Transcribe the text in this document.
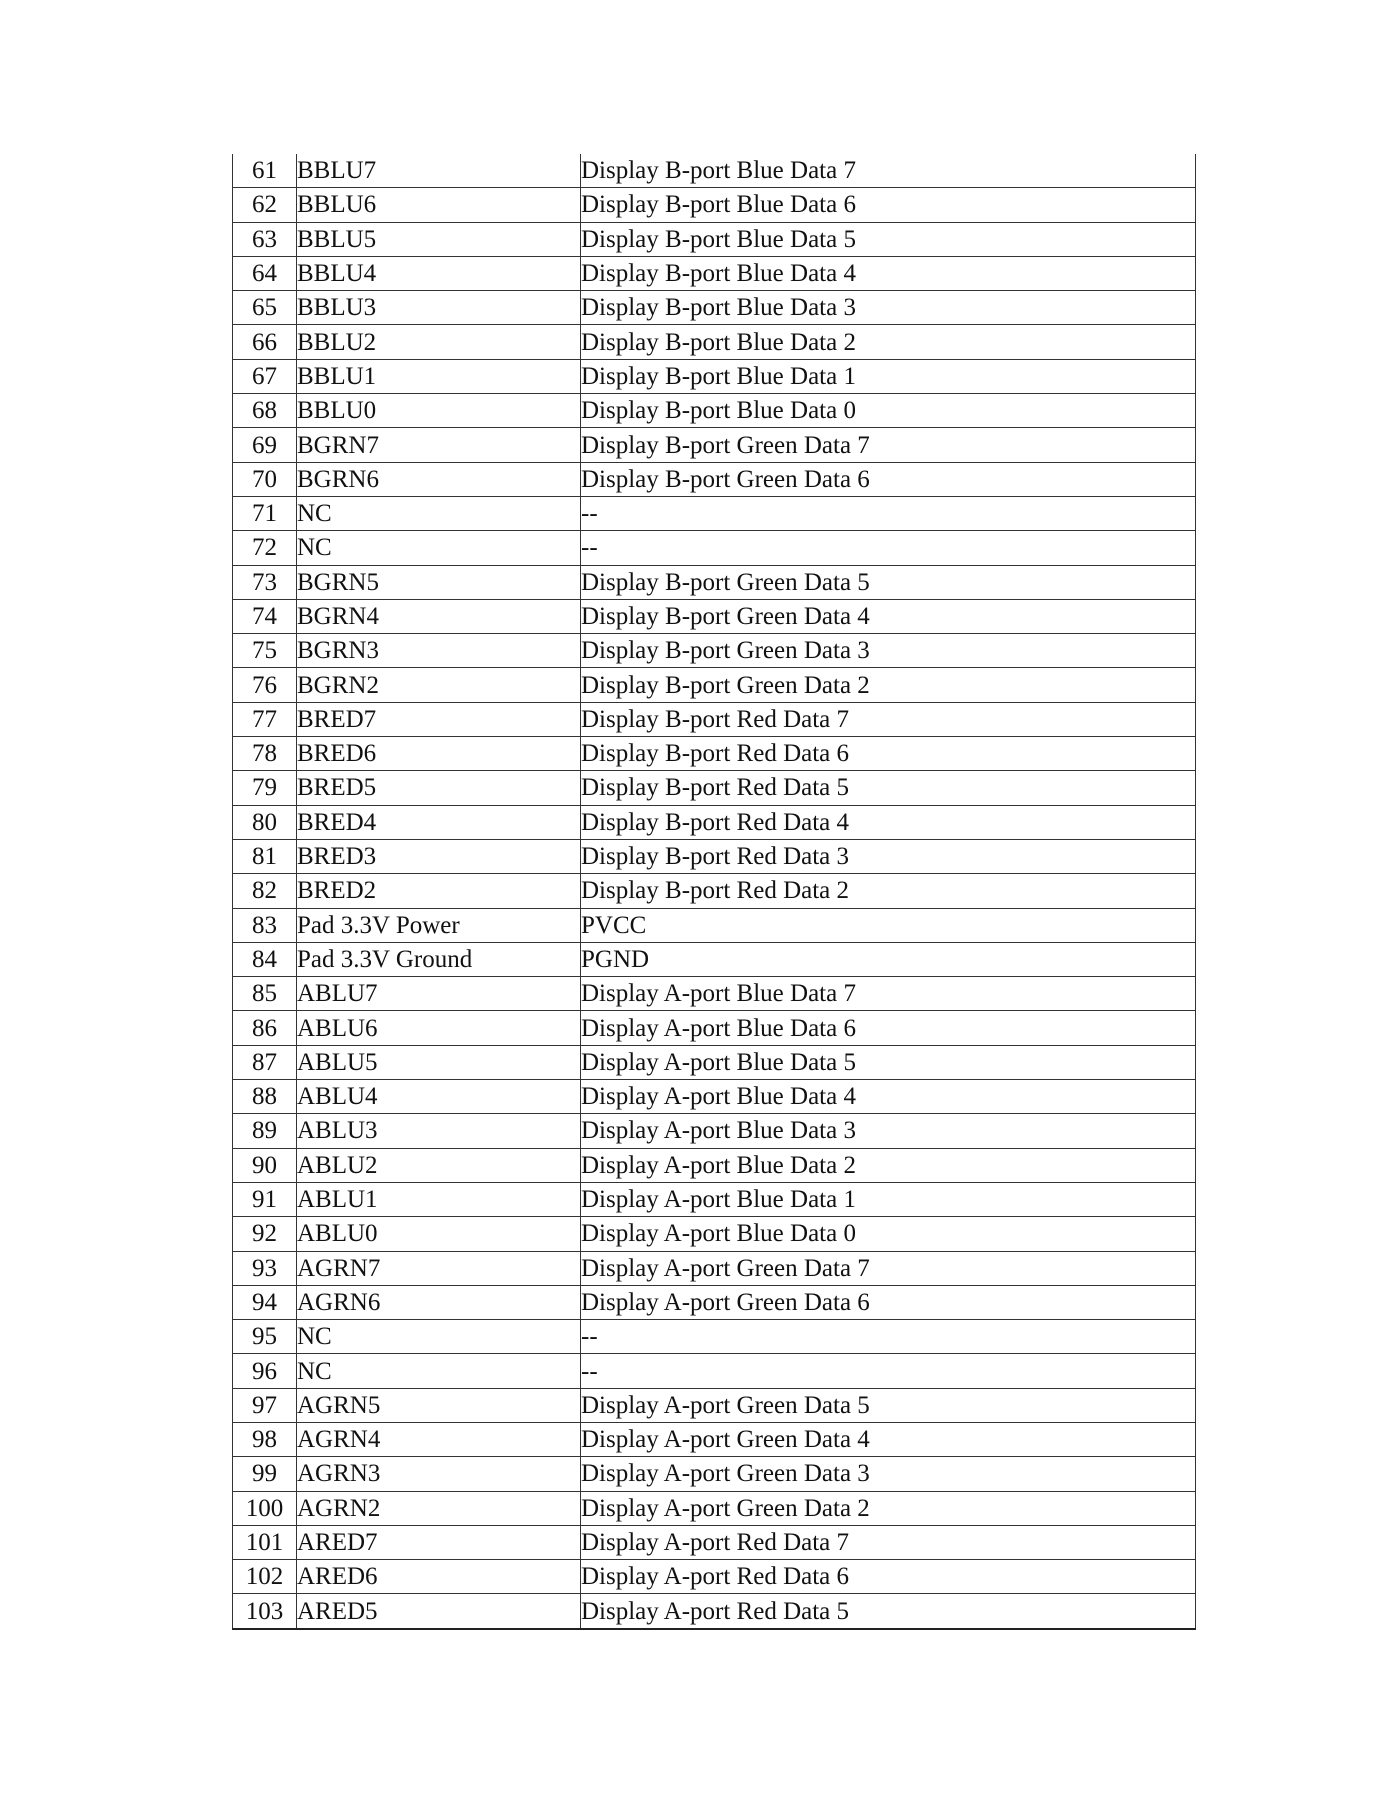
61	BBLU7	Display B-port Blue Data 7
62	BBLU6	Display B-port Blue Data 6
63	BBLU5	Display B-port Blue Data 5
64	BBLU4	Display B-port Blue Data 4
65	BBLU3	Display B-port Blue Data 3
66	BBLU2	Display B-port Blue Data 2
67	BBLU1	Display B-port Blue Data 1
68	BBLU0	Display B-port Blue Data 0
69	BGRN7	Display B-port Green Data 7
70	BGRN6	Display B-port Green Data 6
71	NC	--
72	NC	--
73	BGRN5	Display B-port Green Data 5
74	BGRN4	Display B-port Green Data 4
75	BGRN3	Display B-port Green Data 3
76	BGRN2	Display B-port Green Data 2
77	BRED7	Display B-port Red Data 7
78	BRED6	Display B-port Red Data 6
79	BRED5	Display B-port Red Data 5
80	BRED4	Display B-port Red Data 4
81	BRED3	Display B-port Red Data 3
82	BRED2	Display B-port Red Data 2
83	Pad 3.3V Power	PVCC
84	Pad 3.3V Ground	PGND
85	ABLU7	Display A-port Blue Data 7
86	ABLU6	Display A-port Blue Data 6
87	ABLU5	Display A-port Blue Data 5
88	ABLU4	Display A-port Blue Data 4
89	ABLU3	Display A-port Blue Data 3
90	ABLU2	Display A-port Blue Data 2
91	ABLU1	Display A-port Blue Data 1
92	ABLU0	Display A-port Blue Data 0
93	AGRN7	Display A-port Green Data 7
94	AGRN6	Display A-port Green Data 6
95	NC	--
96	NC	--
97	AGRN5	Display A-port Green Data 5
98	AGRN4	Display A-port Green Data 4
99	AGRN3	Display A-port Green Data 3
100	AGRN2	Display A-port Green Data 2
101	ARED7	Display A-port Red Data 7
102	ARED6	Display A-port Red Data 6
103	ARED5	Display A-port Red Data 5
